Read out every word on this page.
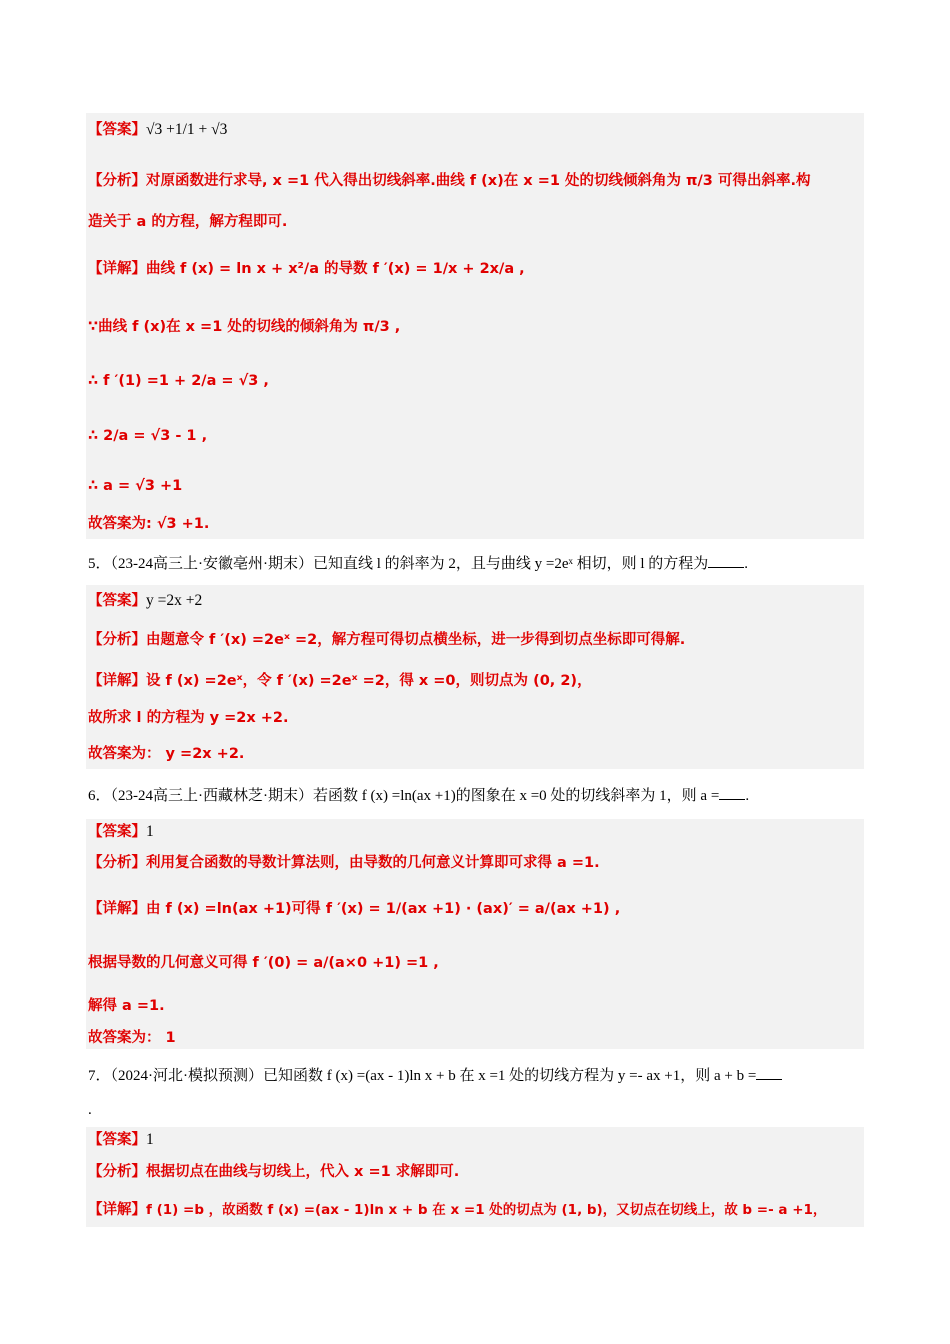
【答案】√3 +1/1 + √3
【分析】对原函数进行求导, x =1 代入得出切线斜率.曲线 f (x)在 x =1 处的切线倾斜角为 π/3 可得出斜率.构
造关于 a 的方程，解方程即可.
【详解】曲线 f (x) = ln x + x²/a 的导数 f ′(x) = 1/x + 2x/a ,
∵曲线 f (x)在 x =1 处的切线的倾斜角为 π/3 ,
∴ f ′(1) =1 + 2/a = √3 ,
∴ 2/a = √3 - 1 ,
∴ a = √3 +1
故答案为: √3 +1.
5．（23-24高三上·安徽亳州·期末）已知直线 l 的斜率为 2，且与曲线 y =2eˣ 相切，则 l 的方程为 .
【答案】y =2x +2
【分析】由题意令 f ′(x) =2eˣ =2，解方程可得切点横坐标，进一步得到切点坐标即可得解.
【详解】设 f (x) =2eˣ，令 f ′(x) =2eˣ =2，得 x =0，则切点为 (0, 2)，
故所求 l 的方程为 y =2x +2.
故答案为： y =2x +2.
6．（23-24高三上·西藏林芝·期末）若函数 f (x) =ln(ax +1)的图象在 x =0 处的切线斜率为 1，则 a = .
【答案】1
【分析】利用复合函数的导数计算法则，由导数的几何意义计算即可求得 a =1.
【详解】由 f (x) =ln(ax +1)可得 f ′(x) = 1/(ax +1) · (ax)′ = a/(ax +1) ,
根据导数的几何意义可得 f ′(0) = a/(a×0 +1) =1 ,
解得 a =1.
故答案为： 1
7．（2024·河北·模拟预测）已知函数 f (x) =(ax - 1)ln x + b 在 x =1 处的切线方程为 y =- ax +1，则 a + b =
.
【答案】1
【分析】根据切点在曲线与切线上，代入 x =1 求解即可.
【详解】f (1) =b ，故函数 f (x) =(ax - 1)ln x + b 在 x =1 处的切点为 (1, b)，又切点在切线上，故 b =- a +1，
